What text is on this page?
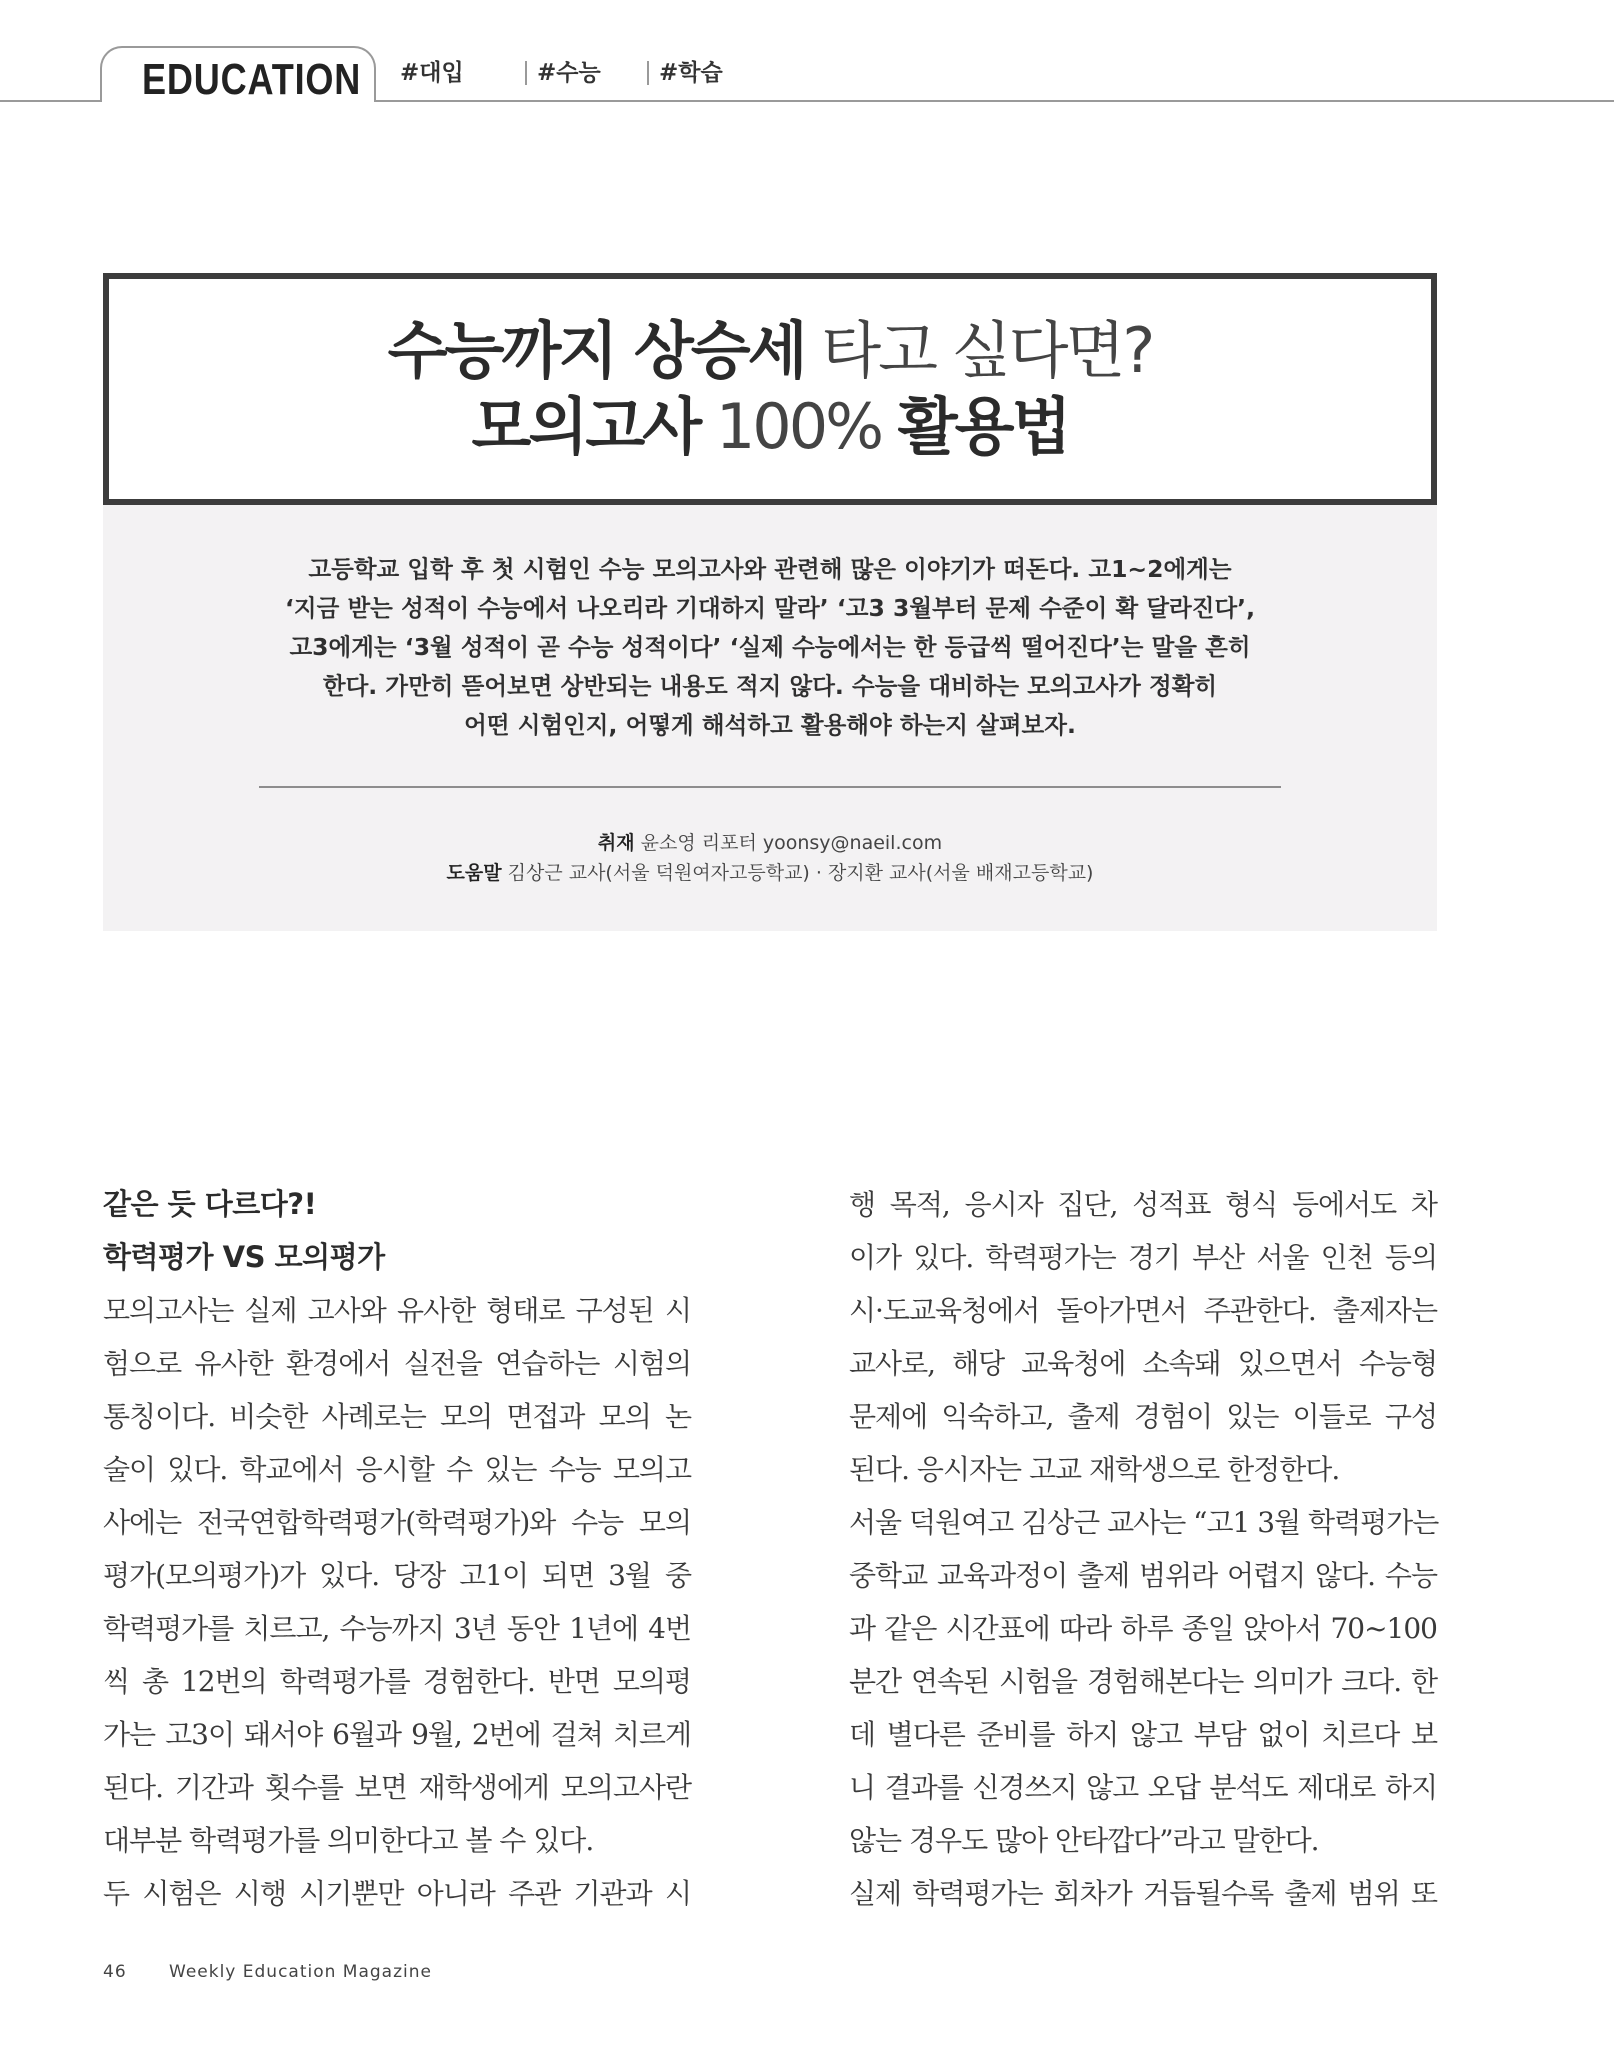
EDUCATION #대입	#수능	#학습
수능까지 상승세 타고 싶다면?
모의고사 100% 활용법
고등학교 입학 후 첫 시험인 수능 모의고사와 관련해 많은 이야기가 떠돈다. 고1~2에게는
‘지금 받는 성적이 수능에서 나오리라 기대하지 말라’ ‘고3 3월부터 문제 수준이 확 달라진다’,
고3에게는 ‘3월 성적이 곧 수능 성적이다’ ‘실제 수능에서는 한 등급씩 떨어진다’는 말을 흔히
한다. 가만히 뜯어보면 상반되는 내용도 적지 않다. 수능을 대비하는 모의고사가 정확히
어떤 시험인지, 어떻게 해석하고 활용해야 하는지 살펴보자.
취재 윤소영 리포터 yoonsy@naeil.com
도움말 김상근 교사(서울 덕원여자고등학교) · 장지환 교사(서울 배재고등학교)
같은 듯 다르다?!
학력평가 VS 모의평가
모의고사는 실제 고사와 유사한 형태로 구성된 시
험으로 유사한 환경에서 실전을 연습하는 시험의
통칭이다. 비슷한 사례로는 모의 면접과 모의 논
술이 있다. 학교에서 응시할 수 있는 수능 모의고
사에는 전국연합학력평가(학력평가)와 수능 모의
평가(모의평가)가 있다. 당장 고1이 되면 3월 중
학력평가를 치르고, 수능까지 3년 동안 1년에 4번
씩 총 12번의 학력평가를 경험한다. 반면 모의평
가는 고3이 돼서야 6월과 9월, 2번에 걸쳐 치르게
된다. 기간과 횟수를 보면 재학생에게 모의고사란
대부분 학력평가를 의미한다고 볼 수 있다.
두 시험은 시행 시기뿐만 아니라 주관 기관과 시
행 목적, 응시자 집단, 성적표 형식 등에서도 차
이가 있다. 학력평가는 경기 부산 서울 인천 등의
시·도교육청에서 돌아가면서 주관한다. 출제자는
교사로, 해당 교육청에 소속돼 있으면서 수능형
문제에 익숙하고, 출제 경험이 있는 이들로 구성
된다. 응시자는 고교 재학생으로 한정한다.
서울 덕원여고 김상근 교사는 “고1 3월 학력평가는
중학교 교육과정이 출제 범위라 어렵지 않다. 수능
과 같은 시간표에 따라 하루 종일 앉아서 70~100
분간 연속된 시험을 경험해본다는 의미가 크다. 한
데 별다른 준비를 하지 않고 부담 없이 치르다 보
니 결과를 신경쓰지 않고 오답 분석도 제대로 하지
않는 경우도 많아 안타깝다”라고 말한다.
실제 학력평가는 회차가 거듭될수록 출제 범위 또
46	Weekly Education Magazine
